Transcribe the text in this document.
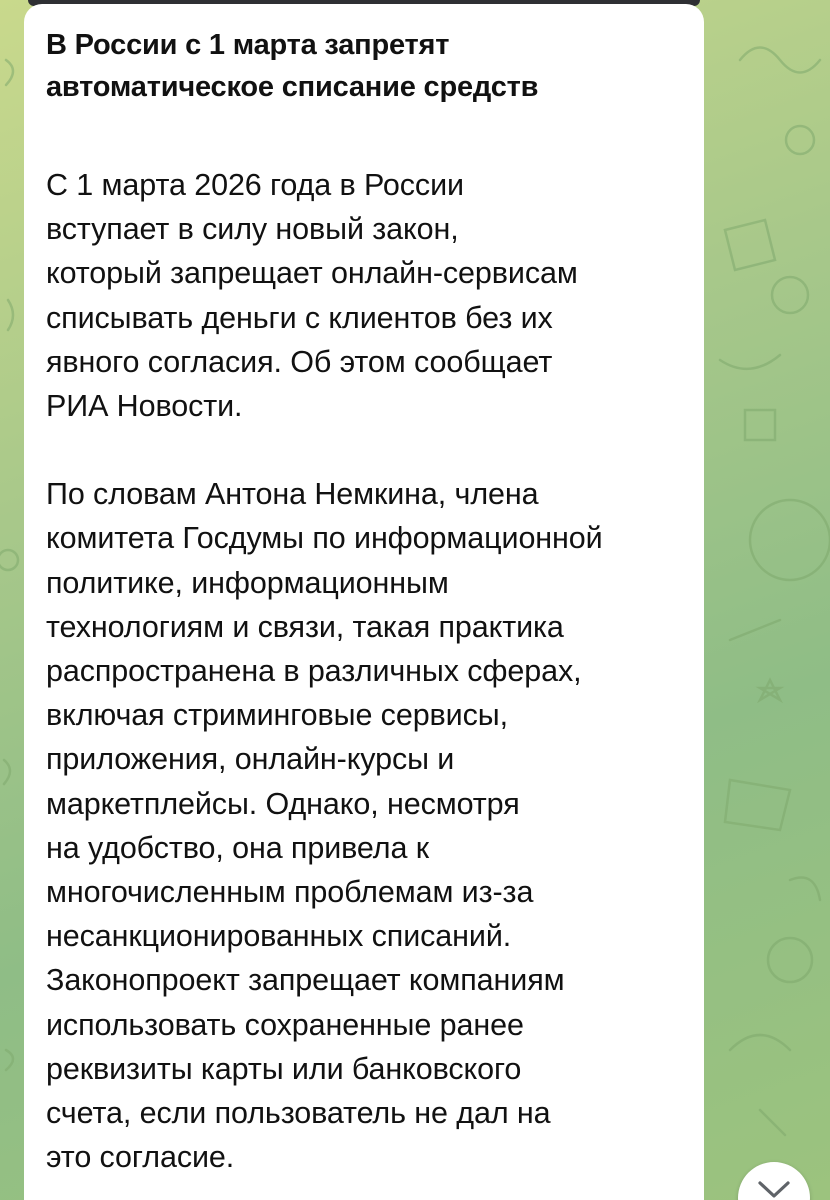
В России с 1 марта запретят
автоматическое списание средств

С 1 марта 2026 года в России
вступает в силу новый закон,
который запрещает онлайн-сервисам
списывать деньги с клиентов без их
явного согласия. Об этом сообщает
РИА Новости.

По словам Антона Немкина, члена
комитета Госдумы по информационной
политике, информационным
технологиям и связи, такая практика
распространена в различных сферах,
включая стриминговые сервисы,
приложения, онлайн-курсы и
маркетплейсы. Однако, несмотря
на удобство, она привела к
многочисленным проблемам из-за
несанкционированных списаний.
Законопроект запрещает компаниям
использовать сохраненные ранее
реквизиты карты или банковского
счета, если пользователь не дал на
это согласие.
